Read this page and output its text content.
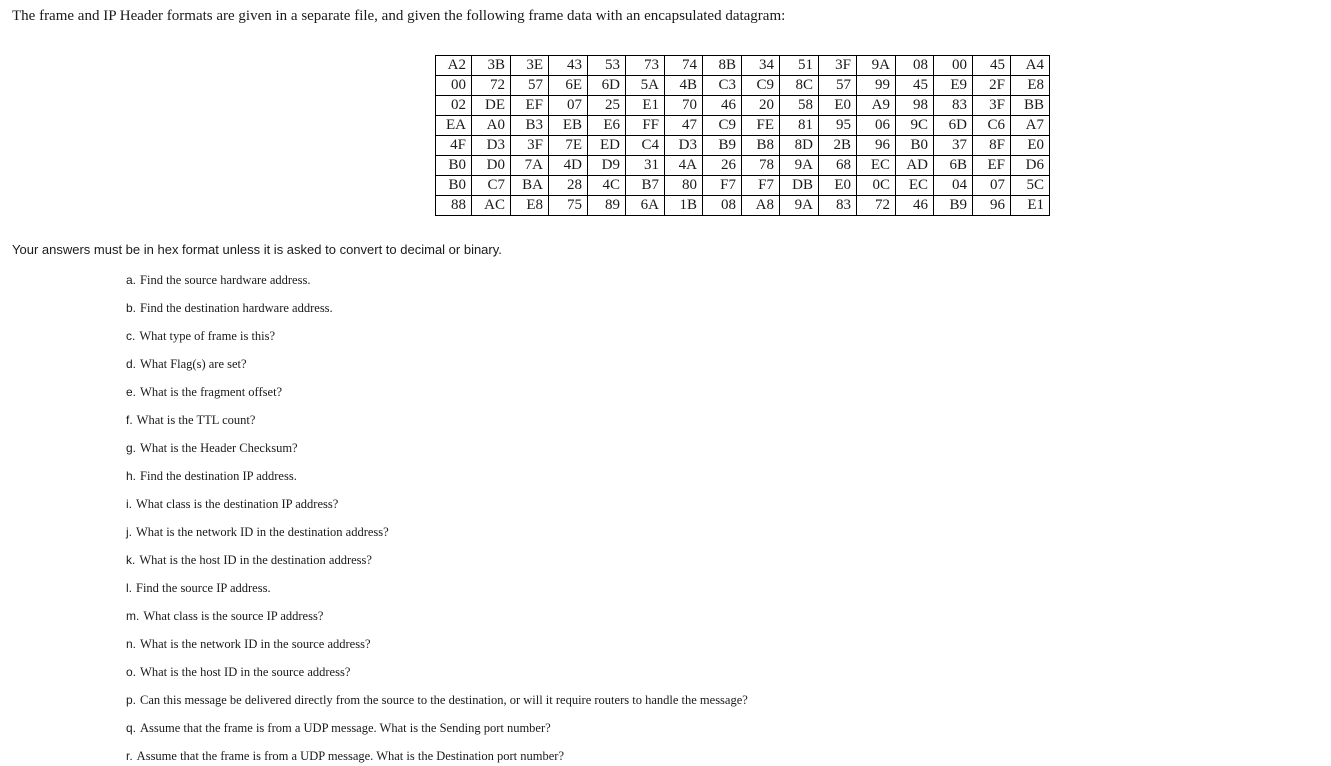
The frame and IP Header formats are given in a separate file, and given the following frame data with an encapsulated datagram:
A2	3B	3E	43	53	73	74	8B	34	51	3F	9A	08	00	45	A4
00	72	57	6E	6D	5A	4B	C3	C9	8C	57	99	45	E9	2F	E8
02	DE	EF	07	25	E1	70	46	20	58	E0	A9	98	83	3F	BB
EA	A0	B3	EB	E6	FF	47	C9	FE	81	95	06	9C	6D	C6	A7
4F	D3	3F	7E	ED	C4	D3	B9	B8	8D	2B	96	B0	37	8F	E0
B0	D0	7A	4D	D9	31	4A	26	78	9A	68	EC	AD	6B	EF	D6
B0	C7	BA	28	4C	B7	80	F7	F7	DB	E0	0C	EC	04	07	5C
88	AC	E8	75	89	6A	1B	08	A8	9A	83	72	46	B9	96	E1
Your answers must be in hex format unless it is asked to convert to decimal or binary.
a. Find the source hardware address.
b. Find the destination hardware address.
c. What type of frame is this?
d. What Flag(s) are set?
e. What is the fragment offset?
f. What is the TTL count?
g. What is the Header Checksum?
h. Find the destination IP address.
i. What class is the destination IP address?
j. What is the network ID in the destination address?
k. What is the host ID in the destination address?
l. Find the source IP address.
m. What class is the source IP address?
n. What is the network ID in the source address?
o. What is the host ID in the source address?
p. Can this message be delivered directly from the source to the destination, or will it require routers to handle the message?
q. Assume that the frame is from a UDP message. What is the Sending port number?
r. Assume that the frame is from a UDP message. What is the Destination port number?
